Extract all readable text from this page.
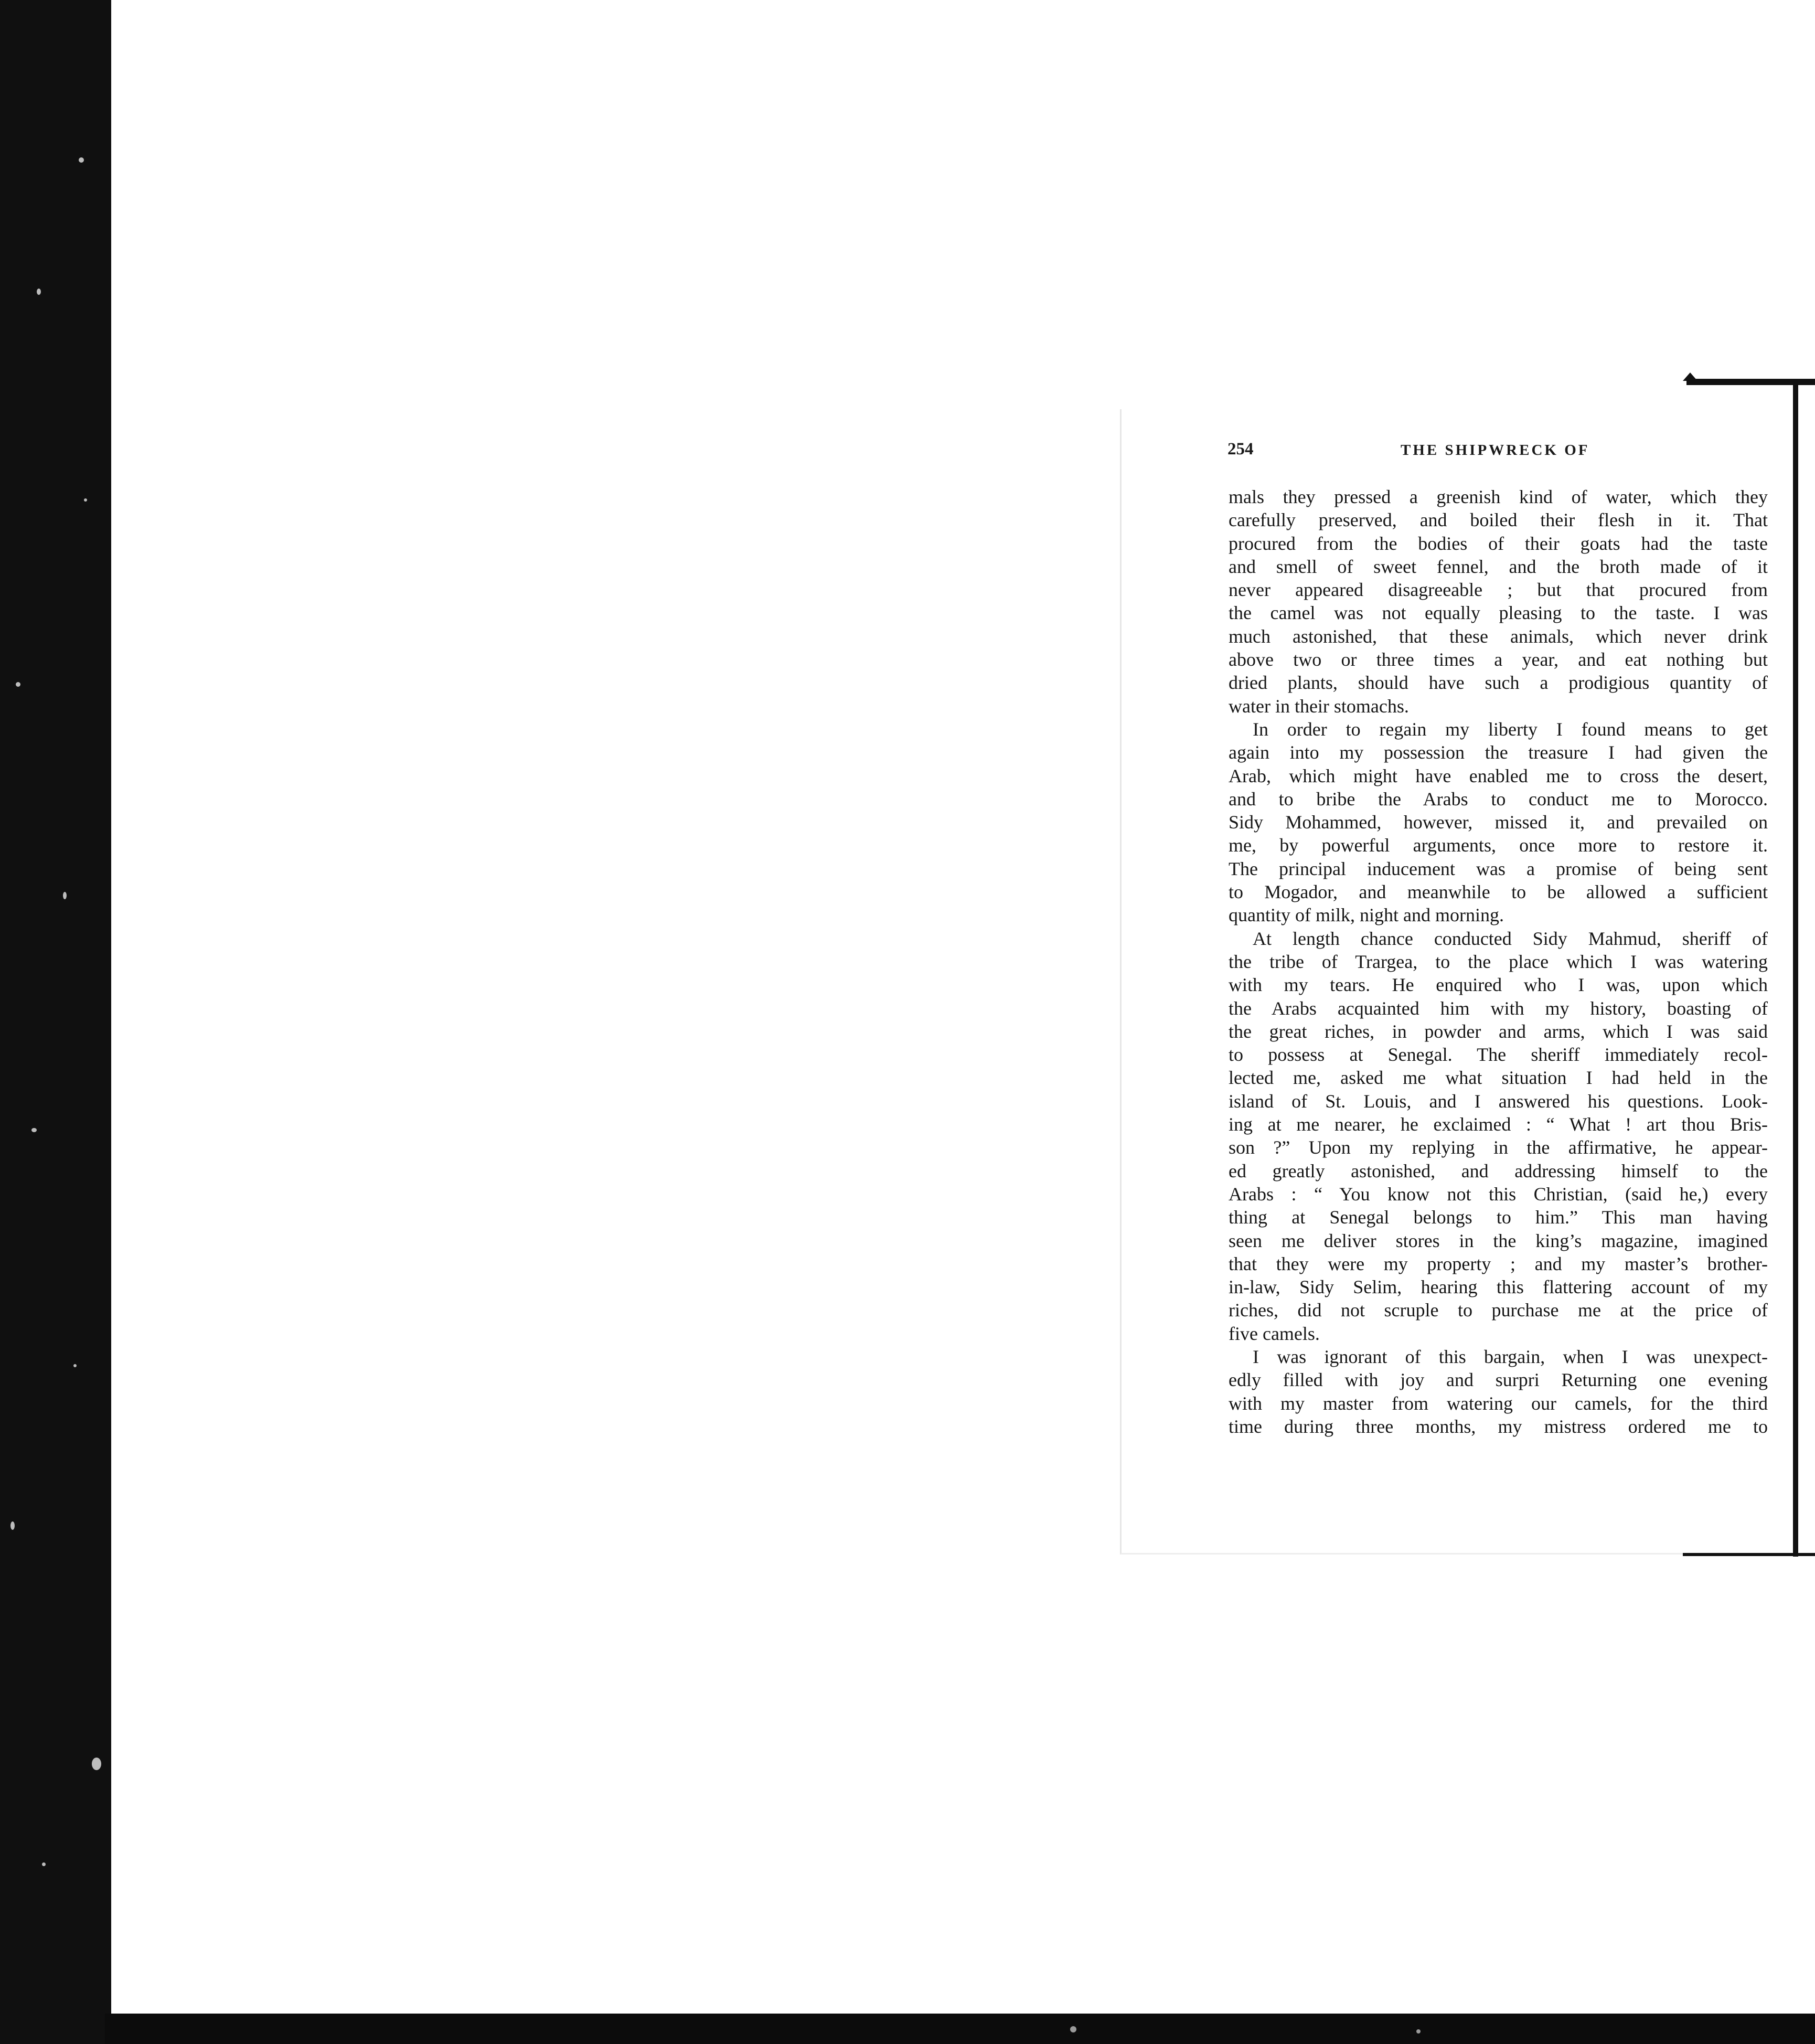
254	THE SHIPWRECK OF
mals they pressed a greenish kind of water, which they
carefully preserved, and boiled their flesh in it. That
procured from the bodies of their goats had the taste
and smell of sweet fennel, and the broth made of it
never appeared disagreeable ; but that procured from
the camel was not equally pleasing to the taste. I was
much astonished, that these animals, which never drink
above two or three times a year, and eat nothing but
dried plants, should have such a prodigious quantity of
water in their stomachs.
In order to regain my liberty I found means to get
again into my possession the treasure I had given the
Arab, which might have enabled me to cross the desert,
and to bribe the Arabs to conduct me to Morocco.
Sidy Mohammed, however, missed it, and prevailed on
me, by powerful arguments, once more to restore it.
The principal inducement was a promise of being sent
to Mogador, and meanwhile to be allowed a sufficient
quantity of milk, night and morning.
At length chance conducted Sidy Mahmud, sheriff of
the tribe of Trargea, to the place which I was watering
with my tears. He enquired who I was, upon which
the Arabs acquainted him with my history, boasting of
the great riches, in powder and arms, which I was said
to possess at Senegal. The sheriff immediately recol-
lected me, asked me what situation I had held in the
island of St. Louis, and I answered his questions. Look-
ing at me nearer, he exclaimed : “ What ! art thou Bris-
son ?” Upon my replying in the affirmative, he appear-
ed greatly astonished, and addressing himself to the
Arabs : “ You know not this Christian, (said he,) every
thing at Senegal belongs to him.” This man having
seen me deliver stores in the king’s magazine, imagined
that they were my property ; and my master’s brother-
in-law, Sidy Selim, hearing this flattering account of my
riches, did not scruple to purchase me at the price of
five camels.
I was ignorant of this bargain, when I was unexpect-
edly filled with joy and surpri Returning one evening
with my master from watering our camels, for the third
time during three months, my mistress ordered me to
